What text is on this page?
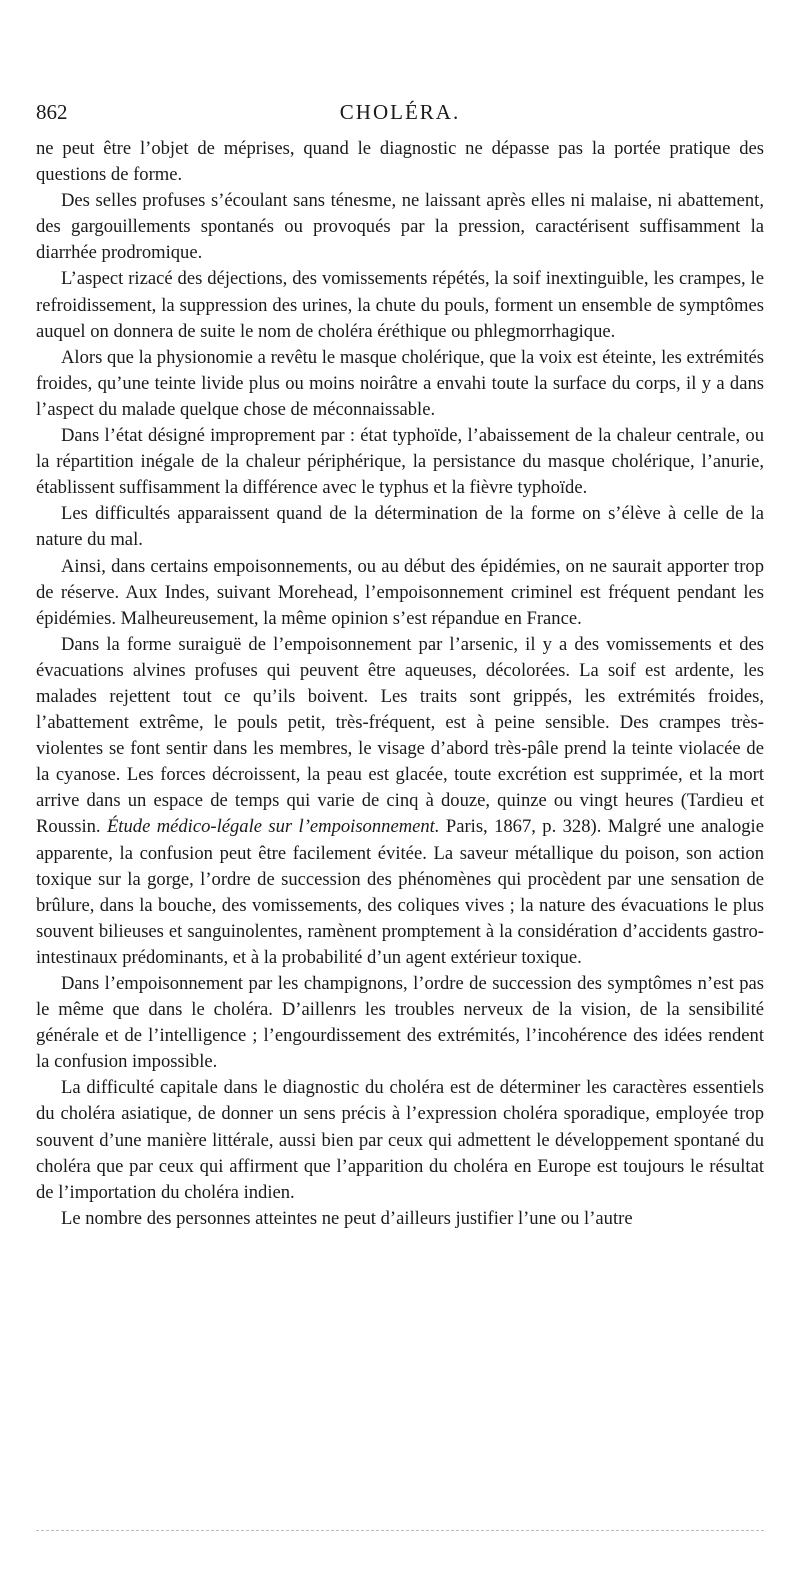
862	CHOLÉRA.

ne peut être l’objet de méprises, quand le diagnostic ne dépasse pas la portée pratique des questions de forme.

Des selles profuses s’écoulant sans ténesme, ne laissant après elles ni malaise, ni abattement, des gargouillements spontanés ou provoqués par la pression, caractérisent suffisamment la diarrhée prodromique.

L’aspect rizacé des déjections, des vomissements répétés, la soif inextinguible, les crampes, le refroidissement, la suppression des urines, la chute du pouls, forment un ensemble de symptômes auquel on donnera de suite le nom de choléra éréthique ou phlegmorrhagique.

Alors que la physionomie a revêtu le masque cholérique, que la voix est éteinte, les extrémités froides, qu’une teinte livide plus ou moins noirâtre a envahi toute la surface du corps, il y a dans l’aspect du malade quelque chose de méconnaissable.

Dans l’état désigné improprement par : état typhoïde, l’abaissement de la chaleur centrale, ou la répartition inégale de la chaleur périphérique, la persistance du masque cholérique, l’anurie, établissent suffisamment la différence avec le typhus et la fièvre typhoïde.

Les difficultés apparaissent quand de la détermination de la forme on s’élève à celle de la nature du mal.

Ainsi, dans certains empoisonnements, ou au début des épidémies, on ne saurait apporter trop de réserve. Aux Indes, suivant Morehead, l’empoisonnement criminel est fréquent pendant les épidémies. Malheureusement, la même opinion s’est répandue en France.

Dans la forme suraiguë de l’empoisonnement par l’arsenic, il y a des vomissements et des évacuations alvines profuses qui peuvent être aqueuses, décolorées. La soif est ardente, les malades rejettent tout ce qu’ils boivent. Les traits sont grippés, les extrémités froides, l’abattement extrême, le pouls petit, très-fréquent, est à peine sensible. Des crampes très-violentes se font sentir dans les membres, le visage d’abord très-pâle prend la teinte violacée de la cyanose. Les forces décroissent, la peau est glacée, toute excrétion est supprimée, et la mort arrive dans un espace de temps qui varie de cinq à douze, quinze ou vingt heures (Tardieu et Roussin. Étude médico-légale sur l’empoisonnement. Paris, 1867, p. 328). Malgré une analogie apparente, la confusion peut être facilement évitée. La saveur métallique du poison, son action toxique sur la gorge, l’ordre de succession des phénomènes qui procèdent par une sensation de brûlure, dans la bouche, des vomissements, des coliques vives ; la nature des évacuations le plus souvent bilieuses et sanguinolentes, ramènent promptement à la considération d’accidents gastro-intestinaux prédominants, et à la probabilité d’un agent extérieur toxique.

Dans l’empoisonnement par les champignons, l’ordre de succession des symptômes n’est pas le même que dans le choléra. D’aillenrs les troubles nerveux de la vision, de la sensibilité générale et de l’intelligence ; l’engourdissement des extrémités, l’incohérence des idées rendent la confusion impossible.

La difficulté capitale dans le diagnostic du choléra est de déterminer les caractères essentiels du choléra asiatique, de donner un sens précis à l’expression choléra sporadique, employée trop souvent d’une manière littérale, aussi bien par ceux qui admettent le développement spontané du choléra que par ceux qui affirment que l’apparition du choléra en Europe est toujours le résultat de l’importation du choléra indien.

Le nombre des personnes atteintes ne peut d’ailleurs justifier l’une ou l’autre
